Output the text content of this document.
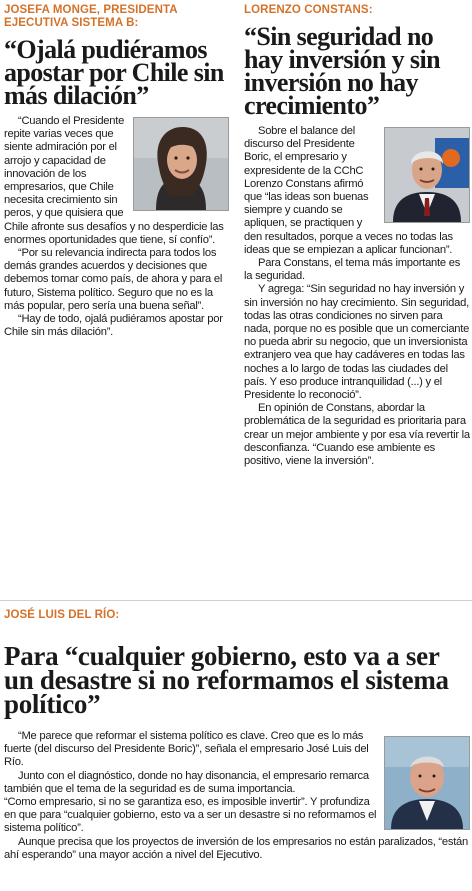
JOSEFA MONGE, PRESIDENTA EJECUTIVA SISTEMA B:
“Ojalá pudiéramos apostar por Chile sin más dilación”

“Cuando el Presidente repite varias veces que siente admiración por el arrojo y capacidad de innovación de los empresarios, que Chile necesita crecimiento sin peros, y que quisiera que Chile afronte sus desafíos y no desperdicie las enormes oportunidades que tiene, sí confío”.

“Por su relevancia indirecta para todos los demás grandes acuerdos y decisiones que debemos tomar como país, de ahora y para el futuro, Sistema político. Seguro que no es la más popular, pero sería una buena señal”.

“Hay de todo, ojalá pudiéramos apostar por Chile sin más dilación”.

LORENZO CONSTANS:
“Sin seguridad no hay inversión y sin inversión no hay crecimiento”

Sobre el balance del discurso del Presidente Boric, el empresario y expresidente de la CChC Lorenzo Constans afirmó que “las ideas son buenas siempre y cuando se apliquen, se practiquen y den resultados, porque a veces no todas las ideas que se empiezan a aplicar funcionan”.

Para Constans, el tema más importante es la seguridad.

Y agrega: “Sin seguridad no hay inversión y sin inversión no hay crecimiento. Sin seguridad, todas las otras condiciones no sirven para nada, porque no es posible que un comerciante no pueda abrir su negocio, que un inversionista extranjero vea que hay cadáveres en todas las noches a lo largo de todas las ciudades del país. Y eso produce intranquilidad (...) y el Presidente lo reconoció”.

En opinión de Constans, abordar la problemática de la seguridad es prioritaria para crear un mejor ambiente y por esa vía revertir la desconfianza. “Cuando ese ambiente es positivo, viene la inversión”.

JOSÉ LUIS DEL RÍO:
Para “cualquier gobierno, esto va a ser un desastre si no reformamos el sistema político”

“Me parece que reformar el sistema político es clave. Creo que es lo más fuerte (del discurso del Presidente Boric)”, señala el empresario José Luis del Río.

Junto con el diagnóstico, donde no hay disonancia, el empresario remarca también que el tema de la seguridad es de suma importancia.

“Como empresario, si no se garantiza eso, es imposible invertir”. Y profundiza en que para “cualquier gobierno, esto va a ser un desastre si no reformamos el sistema político”.

Aunque precisa que los proyectos de inversión de los empresarios no están paralizados, “están ahí esperando” una mayor acción a nivel del Ejecutivo.
